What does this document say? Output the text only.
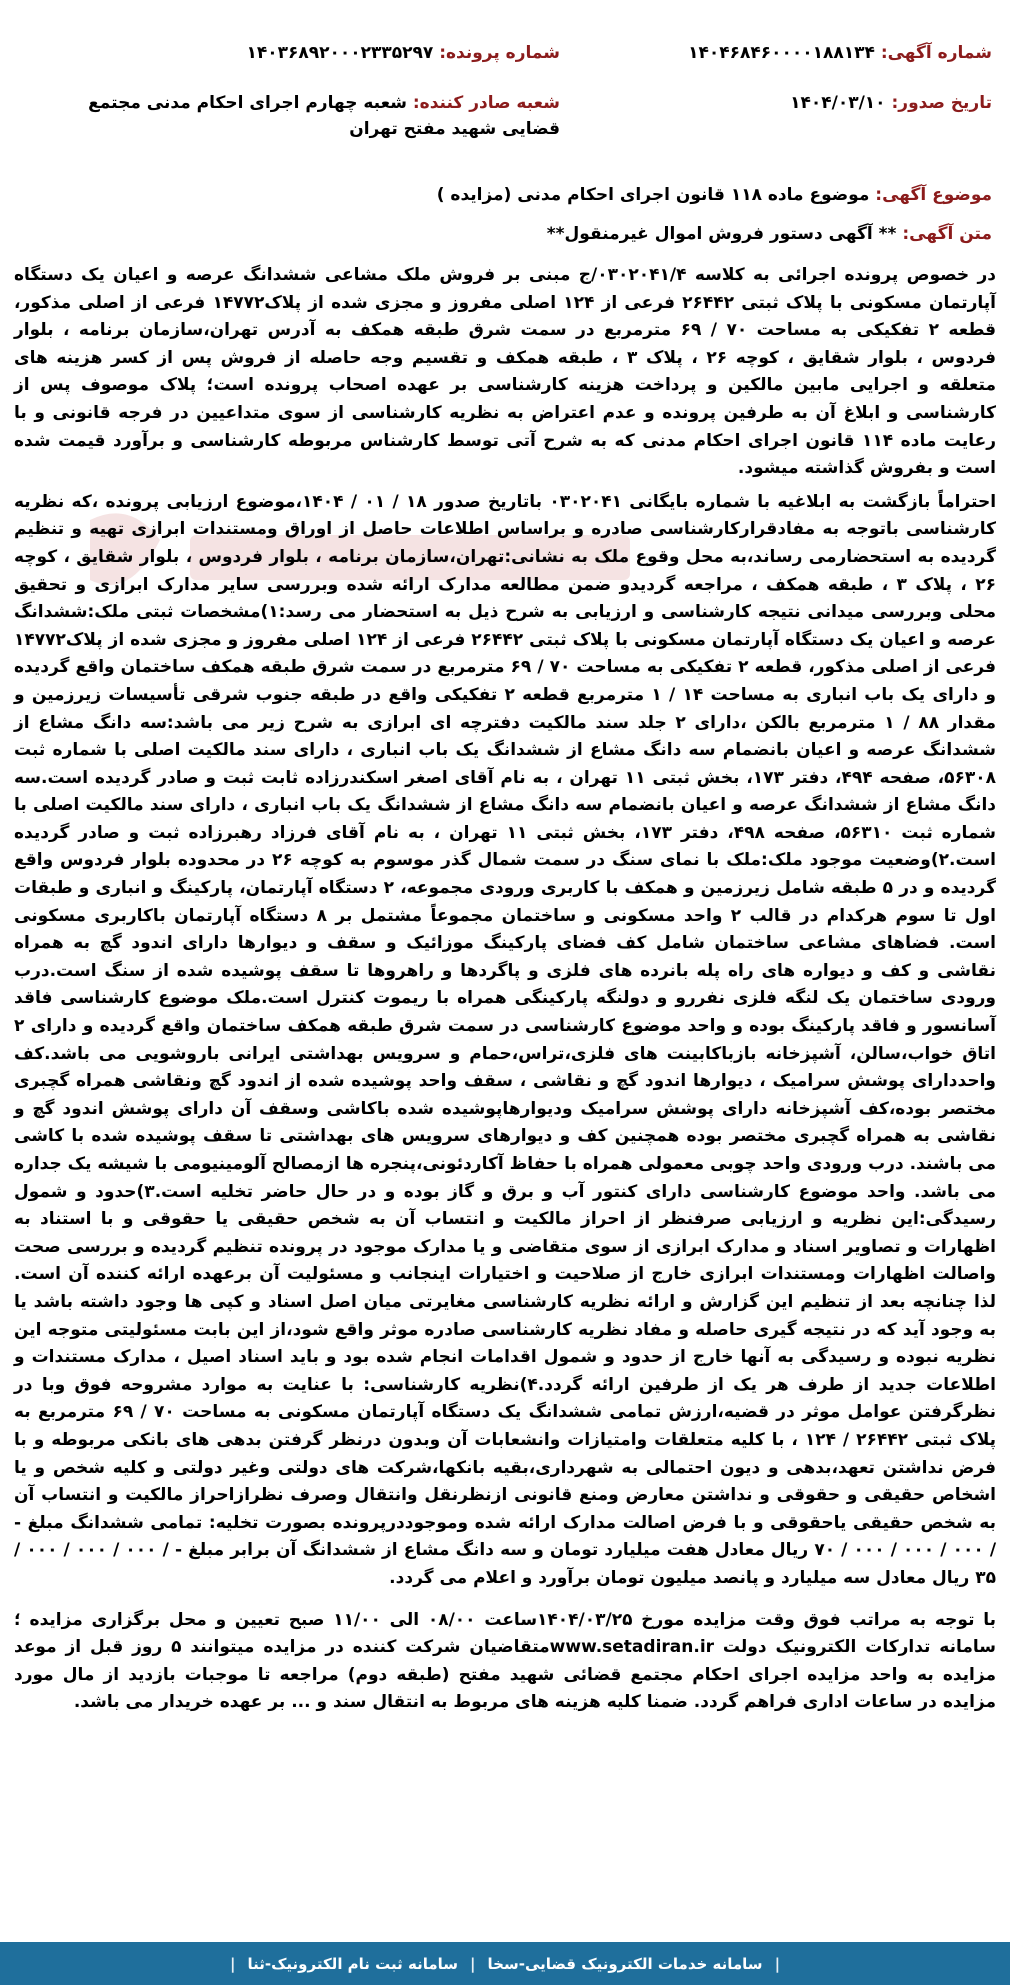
شماره آگهی: ۱۴۰۴۶۸۴۶۰۰۰۰۱۸۸۱۳۴
شماره پرونده: ۱۴۰۳۶۸۹۲۰۰۰۲۳۳۵۲۹۷
تاریخ صدور: ۱۴۰۴/۰۳/۱۰
شعبه صادر کننده: شعبه چهارم اجرای احکام مدنی مجتمع قضایی شهید مفتح تهران
موضوع آگهی: موضوع ماده ۱۱۸ قانون اجرای احکام مدنی (مزایده )
متن آگهی: ** آگهی دستور فروش اموال غیرمنقول**

در خصوص پرونده اجرائی به کلاسه ۰۳۰۲۰۴۱/۴/ج مبنی بر فروش ملک مشاعی ششدانگ عرصه و اعیان یک دستگاه آپارتمان مسکونی با پلاک ثبتی ۲۶۴۴۲ فرعی از ۱۲۴ اصلی مفروز و مجزی شده از پلاک۱۴۷۷۲ فرعی از اصلی مذکور، قطعه ۲ تفکیکی به مساحت ۷۰ / ۶۹ مترمربع در سمت شرق طبقه همکف به آدرس تهران،سازمان برنامه ، بلوار فردوس ، بلوار شقایق ، کوچه ۲۶ ، پلاک ۳ ، طبقه همکف و تقسیم وجه حاصله از فروش پس از کسر هزینه های متعلقه و اجرایی مابین مالکین و پرداخت هزینه کارشناسی بر عهده اصحاب پرونده است؛ پلاک موصوف پس از کارشناسی و ابلاغ آن به طرفین پرونده و عدم اعتراض به نظریه کارشناسی از سوی متداعیین در فرجه قانونی و با رعایت ماده ۱۱۴ قانون اجرای احکام مدنی که به شرح آتی توسط کارشناس مربوطه کارشناسی و برآورد قیمت شده است و بفروش گذاشته میشود.

احتراماً بازگشت به ابلاغیه با شماره بایگانی ۰۳۰۲۰۴۱ باتاریخ صدور ۱۸ / ۰۱ / ۱۴۰۴،موضوع ارزیابی پرونده ،که نظریه کارشناسی باتوجه به مفادقرارکارشناسی صادره و براساس اطلاعات حاصل از اوراق ومستندات ابرازی تهیه و تنظیم گردیده به استحضارمی رساند،به محل وقوع ملک به نشانی:تهران،سازمان برنامه ، بلوار فردوس ، بلوار شقایق ، کوچه ۲۶ ، پلاک ۳ ، طبقه همکف ، مراجعه گردیدو ضمن مطالعه مدارک ارائه شده وبررسی سایر مدارک ابرازی و تحقیق محلی وبررسی میدانی نتیجه کارشناسی و ارزیابی به شرح ذیل به استحضار می رسد:۱)مشخصات ثبتی ملک:ششدانگ عرصه و اعیان یک دستگاه آپارتمان مسکونی با پلاک ثبتی ۲۶۴۴۲ فرعی از ۱۲۴ اصلی مفروز و مجزی شده از پلاک۱۴۷۷۲ فرعی از اصلی مذکور، قطعه ۲ تفکیکی به مساحت ۷۰ / ۶۹ مترمربع در سمت شرق طبقه همکف ساختمان واقع گردیده و دارای یک باب انباری به مساحت ۱۴ / ۱ مترمربع قطعه ۲ تفکیکی واقع در طبقه جنوب شرقی تأسیسات زیرزمین و مقدار ۸۸ / ۱ مترمربع بالکن ،دارای ۲ جلد سند مالکیت دفترچه ای ابرازی به شرح زیر می باشد:سه دانگ مشاع از ششدانگ عرصه و اعیان بانضمام سه دانگ مشاع از ششدانگ یک باب انباری ، دارای سند مالکیت اصلی با شماره ثبت ۵۶۳۰۸، صفحه ۴۹۴، دفتر ۱۷۳، بخش ثبتی ۱۱ تهران ، به نام آقای اصغر اسکندرزاده ثابت ثبت و صادر گردیده است.سه دانگ مشاع از ششدانگ عرصه و اعیان بانضمام سه دانگ مشاع از ششدانگ یک باب انباری ، دارای سند مالکیت اصلی با شماره ثبت ۵۶۳۱۰، صفحه ۴۹۸، دفتر ۱۷۳، بخش ثبتی ۱۱ تهران ، به نام آقای فرزاد رهبرزاده ثبت و صادر گردیده است.۲)وضعیت موجود ملک:ملک با نمای سنگ در سمت شمال گذر موسوم به کوچه ۲۶ در محدوده بلوار فردوس واقع گردیده و در ۵ طبقه شامل زیرزمین و همکف با کاربری ورودی مجموعه، ۲ دستگاه آپارتمان، پارکینگ و انباری و طبقات اول تا سوم هرکدام در قالب ۲ واحد مسکونی و ساختمان مجموعاً مشتمل بر ۸ دستگاه آپارتمان باکاربری مسکونی است. فضاهای مشاعی ساختمان شامل کف فضای پارکینگ موزائیک و سقف و دیوارها دارای اندود گچ به همراه نقاشی و کف و دیواره های راه پله بانرده های فلزی و پاگردها و راهروها تا سقف پوشیده شده از سنگ است.درب ورودی ساختمان یک لنگه فلزی نفررو و دولنگه پارکینگی همراه با ریموت کنترل است.ملک موضوع کارشناسی فاقد آسانسور و فاقد پارکینگ بوده و واحد موضوع کارشناسی در سمت شرق طبقه همکف ساختمان واقع گردیده و دارای ۲ اتاق خواب،سالن، آشپزخانه بازباکابینت های فلزی،تراس،حمام و سرویس بهداشتی ایرانی باروشویی می باشد.کف واحددارای پوشش سرامیک ، دیوارها اندود گچ و نقاشی ، سقف واحد پوشیده شده از اندود گچ ونقاشی همراه گچبری مختصر بوده،کف آشپزخانه دارای پوشش سرامیک ودیوارهاپوشیده شده باکاشی وسقف آن دارای پوشش اندود گچ و نقاشی به همراه گچبری مختصر بوده همچنین کف و دیوارهای سرویس های بهداشتی تا سقف پوشیده شده با کاشی می باشند. درب ورودی واحد چوبی معمولی همراه با حفاظ آکاردئونی،پنجره ها ازمصالح آلومینیومی با شیشه یک جداره می باشد. واحد موضوع کارشناسی دارای کنتور آب و برق و گاز بوده و در حال حاضر تخلیه است.۳)حدود و شمول رسیدگی:این نظریه و ارزیابی صرفنظر از احراز مالکیت و انتساب آن به شخص حقیقی یا حقوقی و با استناد به اظهارات و تصاویر اسناد و مدارک ابرازی از سوی متقاضی و یا مدارک موجود در پرونده تنظیم گردیده و بررسی صحت واصالت اظهارات ومستندات ابرازی خارج از صلاحیت و اختیارات اینجانب و مسئولیت آن برعهده ارائه کننده آن است. لذا چنانچه بعد از تنظیم این گزارش و ارائه نظریه کارشناسی مغایرتی میان اصل اسناد و کپی ها وجود داشته باشد یا به وجود آید که در نتیجه گیری حاصله و مفاد نظریه کارشناسی صادره موثر واقع شود،از این بابت مسئولیتی متوجه این نظریه نبوده و رسیدگی به آنها خارج از حدود و شمول اقدامات انجام شده بود و باید اسناد اصیل ، مدارک مستندات و اطلاعات جدید از طرف هر یک از طرفین ارائه گردد.۴)نظریه کارشناسی: با عنایت به موارد مشروحه فوق وبا در نظرگرفتن عوامل موثر در قضیه،ارزش تمامی ششدانگ یک دستگاه آپارتمان مسکونی به مساحت ۷۰ / ۶۹ مترمربع به پلاک ثبتی ۲۶۴۴۲ / ۱۲۴ ، با کلیه متعلقات وامتیازات وانشعابات آن وبدون درنظر گرفتن بدهی های بانکی مربوطه و با فرض نداشتن تعهد،بدهی و دیون احتمالی به شهرداری،بقیه بانکها،شرکت های دولتی وغیر دولتی و کلیه شخص و یا اشخاص حقیقی و حقوقی و نداشتن معارض ومنع قانونی ازنظرنقل وانتقال وصرف نظرازاحراز مالکیت و انتساب آن به شخص حقیقی یاحقوقی و با فرض اصالت مدارک ارائه شده وموجوددرپرونده بصورت تخلیه: تمامی ششدانگ مبلغ - / ۰۰۰ / ۰۰۰ / ۰۰۰ / ۷۰ ریال معادل هفت میلیارد تومان و سه دانگ مشاع از ششدانگ آن برابر مبلغ - / ۰۰۰ / ۰۰۰ / ۰۰۰ / ۳۵ ریال معادل سه میلیارد و پانصد میلیون تومان برآورد و اعلام می گردد.

با توجه به مراتب فوق وقت مزایده مورخ ۱۴۰۴/۰۳/۲۵ساعت ۰۸/۰۰ الی ۱۱/۰۰ صبح تعیین و محل برگزاری مزایده ؛سامانه تدارکات الکترونیک دولت www.setadiran.irمتقاضیان شرکت کننده در مزایده میتوانند ۵ روز قبل از موعد مزایده به واحد مزایده اجرای احکام مجتمع قضائی شهید مفتح (طبقه دوم) مراجعه تا موجبات بازدید از مال مورد مزایده در ساعات اداری فراهم گردد. ضمنا کلیه هزینه های مربوط به انتقال سند و ... بر عهده خریدار می باشد.

|
سامانه خدمات الکترونیک قضایی-سخا
|
سامانه ثبت نام الکترونیک-ثنا
|
